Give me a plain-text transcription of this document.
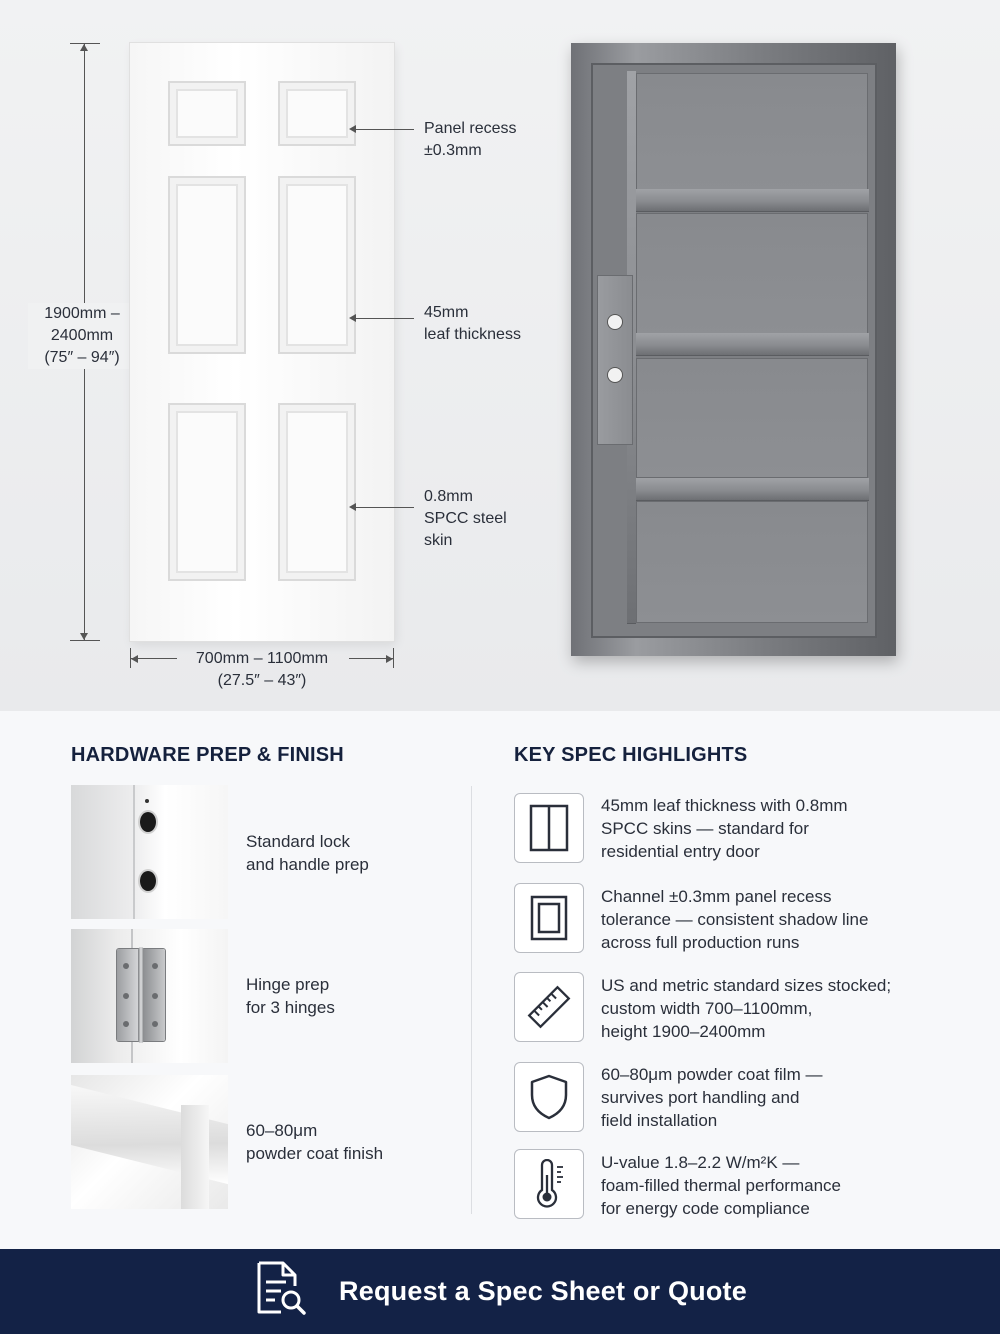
1900mm –
2400mm
(75″ – 94″)
700mm – 1100mm
(27.5″ – 43″)
Panel recess
±0.3mm
45mm
leaf thickness
0.8mm
SPCC steel
skin
HARDWARE PREP & FINISH
Standard lock
and handle prep
Hinge prep
for 3 hinges
60–80μm
powder coat finish
KEY SPEC HIGHLIGHTS
45mm leaf thickness with 0.8mm
SPCC skins — standard for
residential entry door
Channel ±0.3mm panel recess
tolerance — consistent shadow line
across full production runs
US and metric standard sizes stocked;
custom width 700–1100mm,
height 1900–2400mm
60–80μm powder coat film —
survives port handling and
field installation
U-value 1.8–2.2 W/m²K —
foam-filled thermal performance
for energy code compliance
Request a Spec Sheet or Quote
